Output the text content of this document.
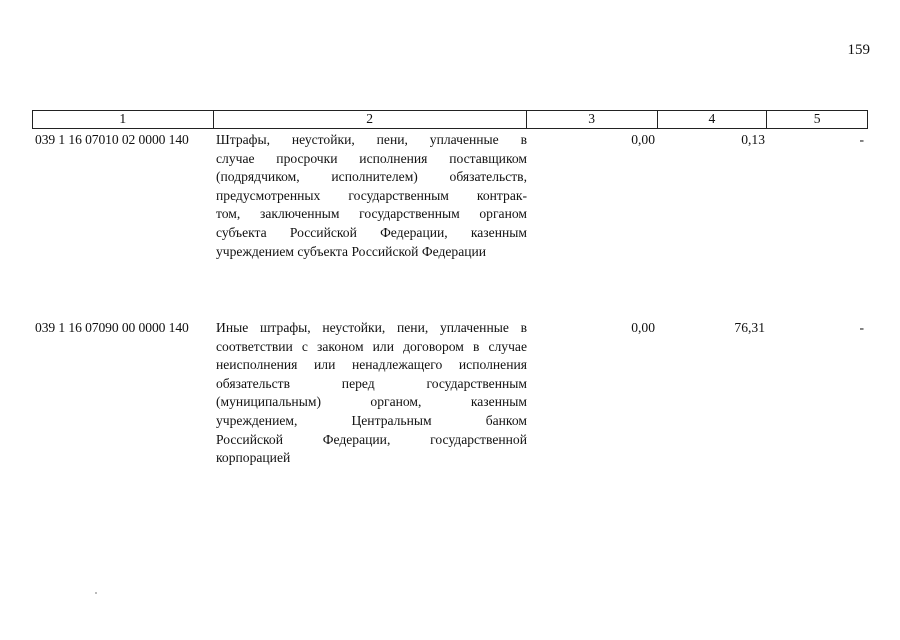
159
1	2	3	4	5
039 1 16 07010 02 0000 140	Штрафы, неустойки, пени, уплаченные в
случае просрочки исполнения поставщиком
(подрядчиком, исполнителем) обязательств,
предусмотренных государственным контрак-
том, заключенным государственным органом
субъекта Российской Федерации, казенным
учреждением субъекта Российской Федерации
0,00	0,13	-
039 1 16 07090 00 0000 140	Иные штрафы, неустойки, пени, уплаченные в
соответствии с законом или договором в случае
неисполнения или ненадлежащего исполнения
обязательств перед государственным
(муниципальным) органом, казенным
учреждением, Центральным банком
Российской Федерации, государственной
корпорацией
0,00	76,31	-
